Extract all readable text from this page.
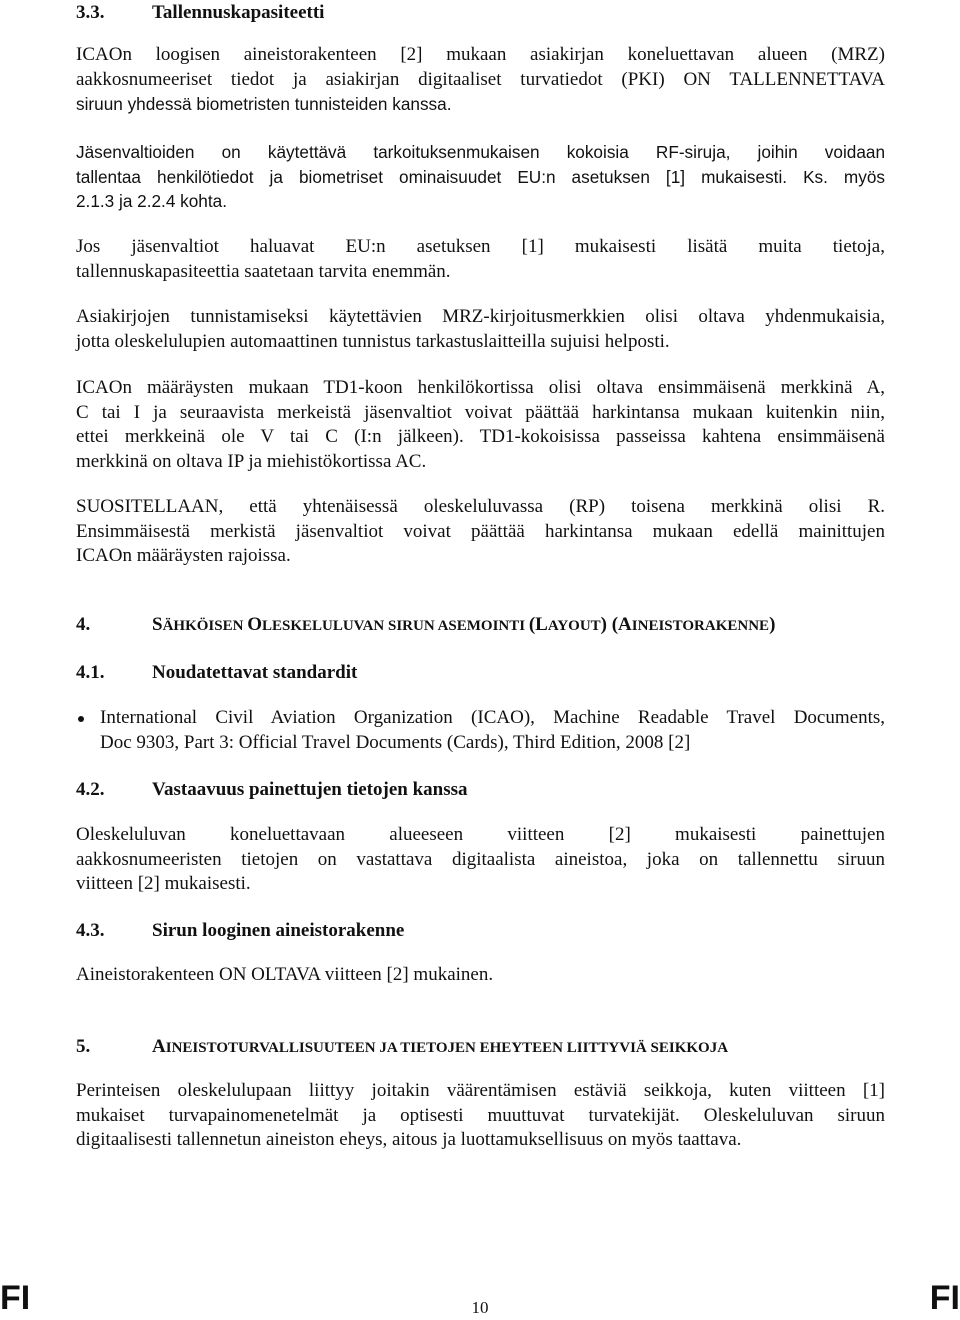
3.3.	Tallennuskapasiteetti
ICAOn loogisen aineistorakenteen [2] mukaan asiakirjan koneluettavan alueen (MRZ)
aakkosnumeeriset tiedot ja asiakirjan digitaaliset turvatiedot (PKI) ON TALLENNETTAVA
siruun yhdessä biometristen tunnisteiden kanssa.
Jäsenvaltioiden on käytettävä tarkoituksenmukaisen kokoisia RF-siruja, joihin voidaan
tallentaa henkilötiedot ja biometriset ominaisuudet EU:n asetuksen [1] mukaisesti. Ks. myös
2.1.3 ja 2.2.4 kohta.
Jos jäsenvaltiot haluavat EU:n asetuksen [1] mukaisesti lisätä muita tietoja,
tallennuskapasiteettia saatetaan tarvita enemmän.
Asiakirjojen tunnistamiseksi käytettävien MRZ-kirjoitusmerkkien olisi oltava yhdenmukaisia,
jotta oleskelulupien automaattinen tunnistus tarkastuslaitteilla sujuisi helposti.
ICAOn määräysten mukaan TD1-koon henkilökortissa olisi oltava ensimmäisenä merkkinä A,
C tai I ja seuraavista merkeistä jäsenvaltiot voivat päättää harkintansa mukaan kuitenkin niin,
ettei merkkeinä ole V tai C (I:n jälkeen). TD1-kokoisissa passeissa kahtena ensimmäisenä
merkkinä on oltava IP ja miehistökortissa AC.
SUOSITELLAAN, että yhtenäisessä oleskeluluvassa (RP) toisena merkkinä olisi R.
Ensimmäisestä merkistä jäsenvaltiot voivat päättää harkintansa mukaan edellä mainittujen
ICAOn määräysten rajoissa.
4.	SÄHKÖISEN OLESKELULUVAN SIRUN ASEMOINTI (LAYOUT) (AINEISTORAKENNE)
4.1.	Noudatettavat standardit
International Civil Aviation Organization (ICAO), Machine Readable Travel Documents,
Doc 9303, Part 3: Official Travel Documents (Cards), Third Edition, 2008 [2]
4.2.	Vastaavuus painettujen tietojen kanssa
Oleskeluluvan koneluettavaan alueeseen viitteen [2] mukaisesti painettujen
aakkosnumeeristen tietojen on vastattava digitaalista aineistoa, joka on tallennettu siruun
viitteen [2] mukaisesti.
4.3.	Sirun looginen aineistorakenne
Aineistorakenteen ON OLTAVA viitteen [2] mukainen.
5.	AINEISTOTURVALLISUUTEEN JA TIETOJEN EHEYTEEN LIITTYVIÄ SEIKKOJA
Perinteisen oleskelulupaan liittyy joitakin väärentämisen estäviä seikkoja, kuten viitteen [1]
mukaiset turvapainomenetelmät ja optisesti muuttuvat turvatekijät. Oleskeluluvan siruun
digitaalisesti tallennetun aineiston eheys, aitous ja luottamuksellisuus on myös taattava.
FI	10	FI
